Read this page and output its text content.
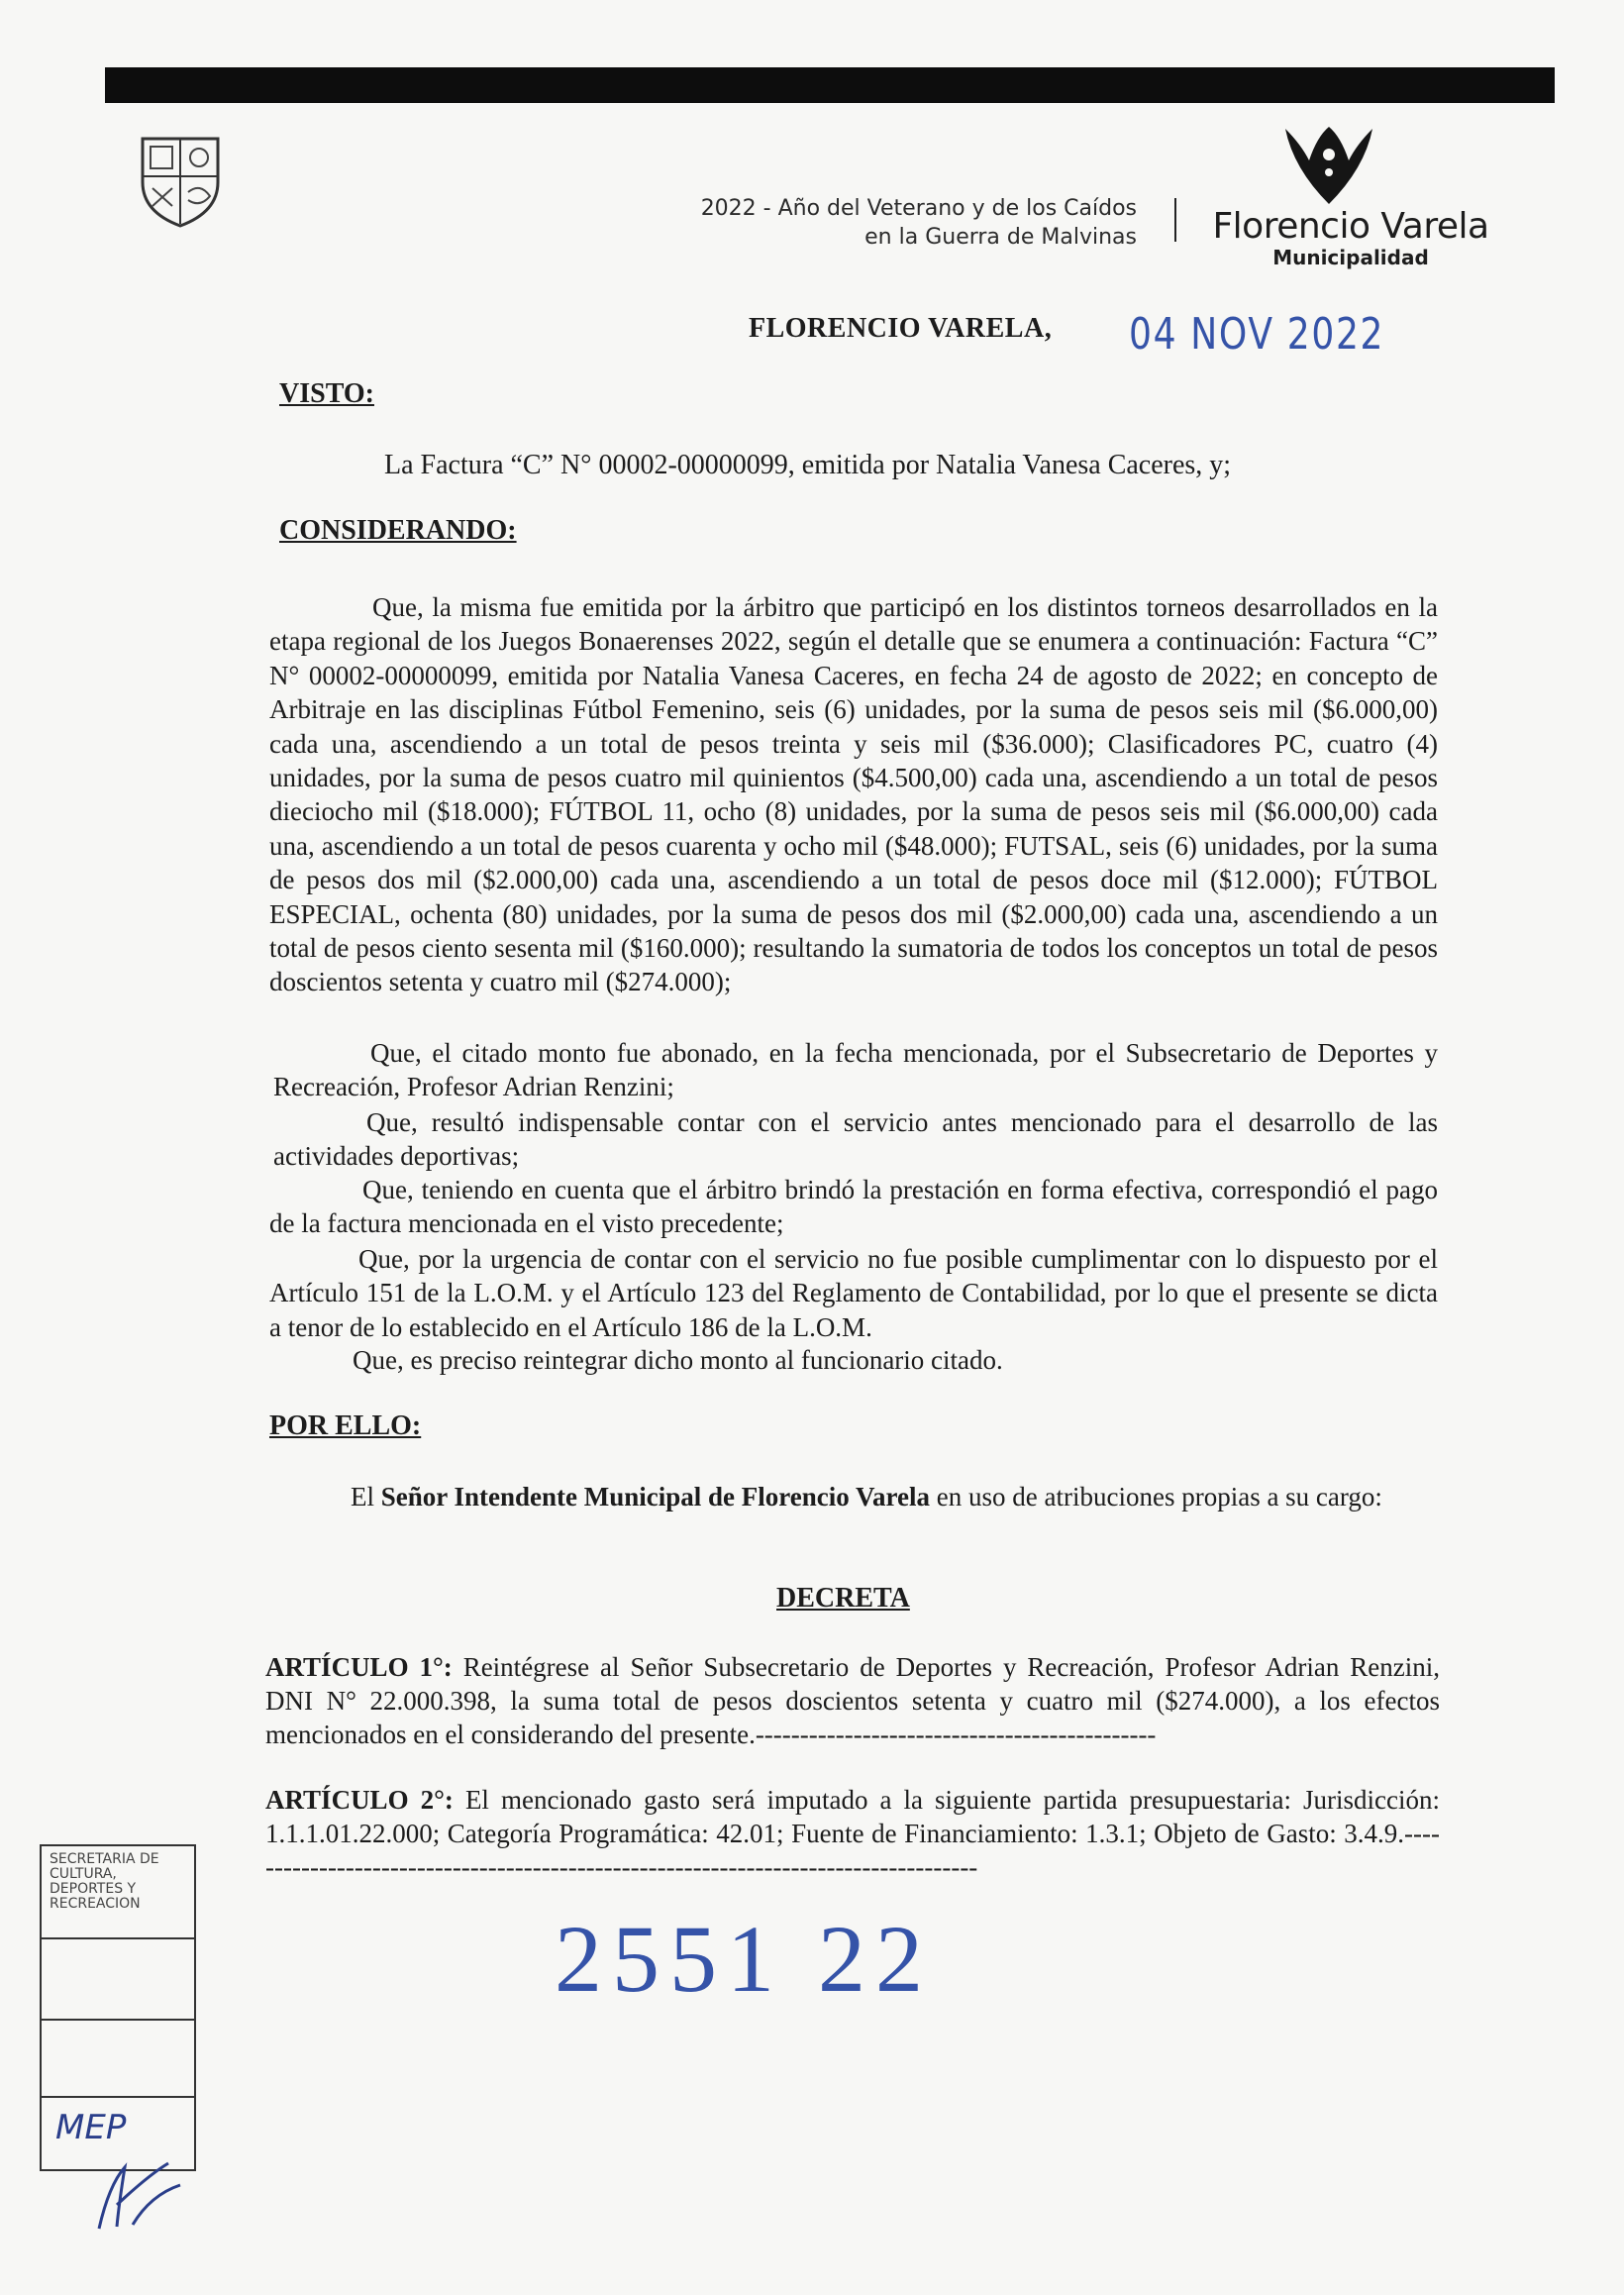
2022 - Año del Veterano y de los Caídos
en la Guerra de Malvinas Florencio Varela
Municipalidad
FLORENCIO VARELA, 04 NOV 2022
VISTO:

La Factura “C” N° 00002-00000099, emitida por Natalia Vanesa Caceres, y;

CONSIDERANDO:

Que, la misma fue emitida por la árbitro que participó en los distintos torneos desarrollados en la etapa regional de los Juegos Bonaerenses 2022, según el detalle que se enumera a continuación: Factura “C” N° 00002-00000099, emitida por Natalia Vanesa Caceres, en fecha 24 de agosto de 2022; en concepto de Arbitraje en las disciplinas Fútbol Femenino, seis (6) unidades, por la suma de pesos seis mil ($6.000,00) cada una, ascendiendo a un total de pesos treinta y seis mil ($36.000); Clasificadores PC, cuatro (4) unidades, por la suma de pesos cuatro mil quinientos ($4.500,00) cada una, ascendiendo a un total de pesos dieciocho mil ($18.000); FÚTBOL 11, ocho (8) unidades, por la suma de pesos seis mil ($6.000,00) cada una, ascendiendo a un total de pesos cuarenta y ocho mil ($48.000); FUTSAL, seis (6) unidades, por la suma de pesos dos mil ($2.000,00) cada una, ascendiendo a un total de pesos doce mil ($12.000); FÚTBOL ESPECIAL, ochenta (80) unidades, por la suma de pesos dos mil ($2.000,00) cada una, ascendiendo a un total de pesos ciento sesenta mil ($160.000); resultando la sumatoria de todos los conceptos un total de pesos doscientos setenta y cuatro mil ($274.000);

Que, el citado monto fue abonado, en la fecha mencionada, por el Subsecretario de Deportes y Recreación, Profesor Adrian Renzini;

Que, resultó indispensable contar con el servicio antes mencionado para el desarrollo de las actividades deportivas;

Que, teniendo en cuenta que el árbitro brindó la prestación en forma efectiva, correspondió el pago de la factura mencionada en el visto precedente;

Que, por la urgencia de contar con el servicio no fue posible cumplimentar con lo dispuesto por el Artículo 151 de la L.O.M. y el Artículo 123 del Reglamento de Contabilidad, por lo que el presente se dicta a tenor de lo establecido en el Artículo 186 de la L.O.M.

Que, es preciso reintegrar dicho monto al funcionario citado.

POR ELLO:

El Señor Intendente Municipal de Florencio Varela en uso de atribuciones propias a su cargo:

DECRETA

ARTÍCULO 1°: Reintégrese al Señor Subsecretario de Deportes y Recreación, Profesor Adrian Renzini, DNI N° 22.000.398, la suma total de pesos doscientos setenta y cuatro mil ($274.000), a los efectos mencionados en el considerando del presente.---------------------------------------------

ARTÍCULO 2°: El mencionado gasto será imputado a la siguiente partida presupuestaria: Jurisdicción: 1.1.1.01.22.000; Categoría Programática: 42.01; Fuente de Financiamiento: 1.3.1; Objeto de Gasto: 3.4.9.------------------------------------------------------------------------------------

2551 22
SECRETARIA DE CULTURA, DEPORTES Y RECREACION
MEP
